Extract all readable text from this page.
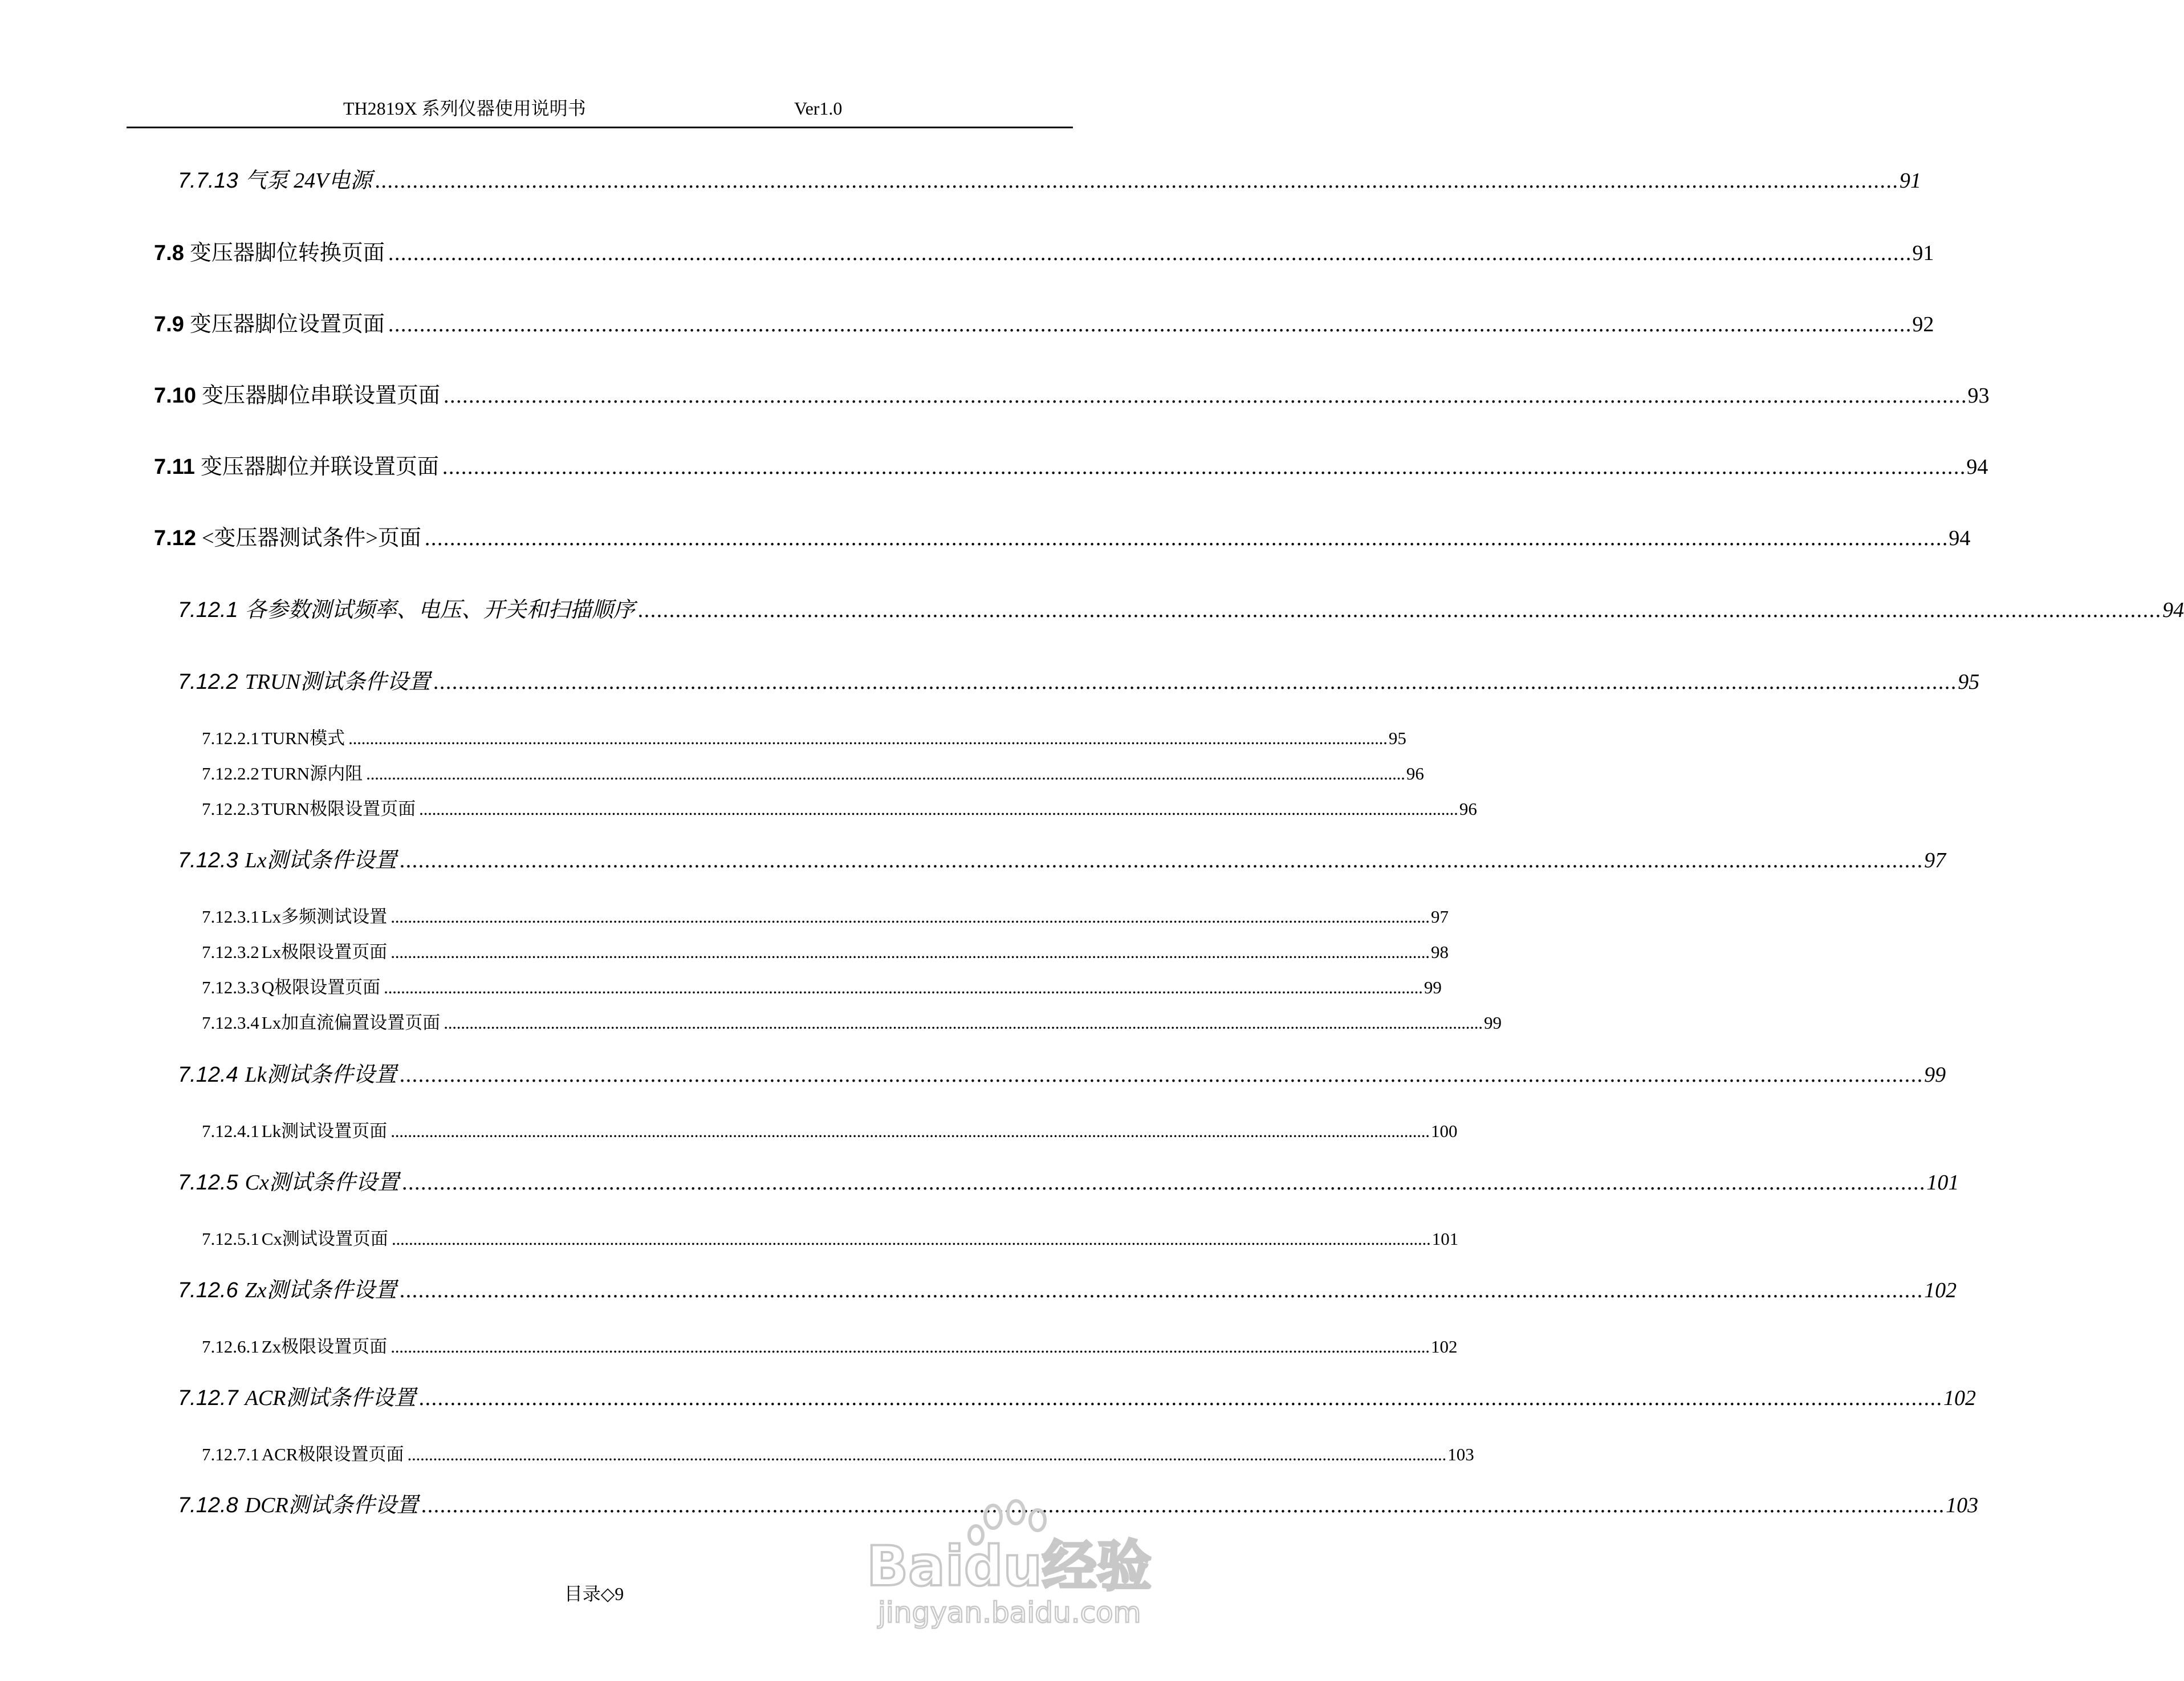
TH2819X 系列仪器使用说明书	Ver1.0
7.7.13 气泵 24V电源 . . .	91
7.8 变压器脚位转换页面 . . .	91
7.9 变压器脚位设置页面 . . .	92
7.10 变压器脚位串联设置页面 . . .	93
7.11 变压器脚位并联设置页面 . . .	94
7.12 <变压器测试条件>页面 . . .	94
7.12.1 各参数测试频率、电压、开关和扫描顺序 . . .	94
7.12.2 TRUN测试条件设置 . . .	95
7.12.2.1 TURN模式 . . .	95
7.12.2.2 TURN源内阻 . . .	96
7.12.2.3 TURN极限设置页面 . . .	96
7.12.3 Lx测试条件设置 . . .	97
7.12.3.1 Lx多频测试设置 . . .	97
7.12.3.2 Lx极限设置页面 . . .	98
7.12.3.3 Q极限设置页面 . . .	99
7.12.3.4 Lx加直流偏置设置页面 . . .	99
7.12.4 Lk测试条件设置 . . .	99
7.12.4.1 Lk测试设置页面 . . .	100
7.12.5 Cx测试条件设置 . . .	101
7.12.5.1 Cx测试设置页面 . . .	101
7.12.6 Zx测试条件设置 . . .	102
7.12.6.1 Zx极限设置页面 . . .	102
7.12.7 ACR测试条件设置 . . .	102
7.12.7.1 ACR极限设置页面 . . .	103
7.12.8 DCR测试条件设置 . . .	103
目录◇9	Baidu经验
jingyan.baidu.com
